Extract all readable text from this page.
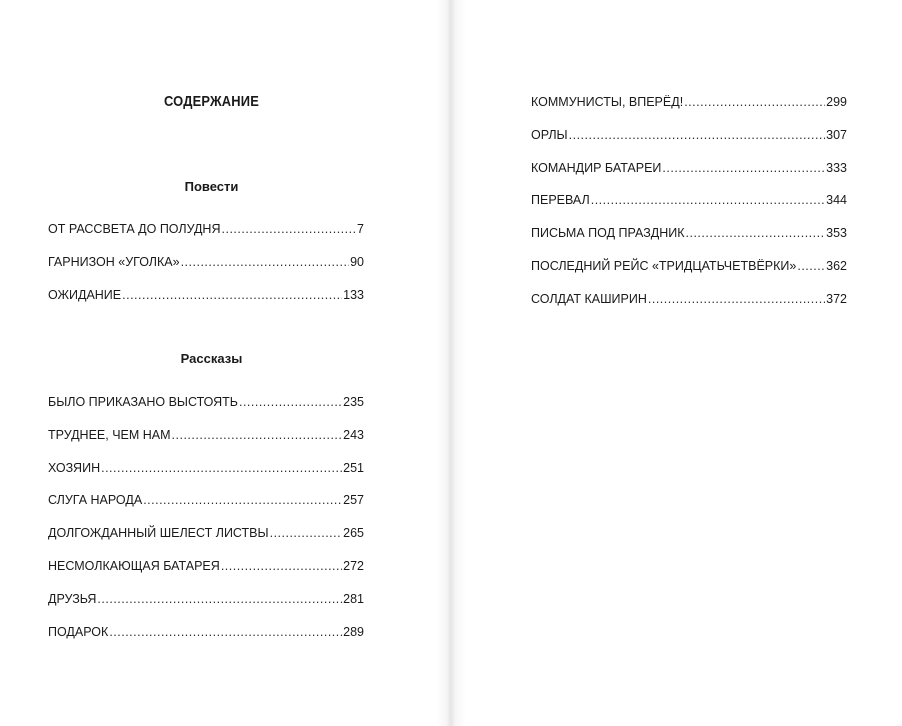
СОДЕРЖАНИЕ
Повести
ОТ РАССВЕТА ДО ПОЛУДНЯ .....	7
ГАРНИЗОН «УГОЛКА» .....	90
ОЖИДАНИЕ .....	133
Рассказы
БЫЛО ПРИКАЗАНО ВЫСТОЯТЬ .....	235
ТРУДНЕЕ, ЧЕМ НАМ .....	243
ХОЗЯИН .....	251
СЛУГА НАРОДА .....	257
ДОЛГОЖДАННЫЙ ШЕЛЕСТ ЛИСТВЫ .....	265
НЕСМОЛКАЮЩАЯ БАТАРЕЯ .....	272
ДРУЗЬЯ .....	281
ПОДАРОК .....	289
КОММУНИСТЫ, ВПЕРЁД! .....	299
ОРЛЫ .....	307
КОМАНДИР БАТАРЕИ .....	333
ПЕРЕВАЛ .....	344
ПИСЬМА ПОД ПРАЗДНИК .....	353
ПОСЛЕДНИЙ РЕЙС «ТРИДЦАТЬЧЕТВЁРКИ» ..... 362
СОЛДАТ КАШИРИН .....	372
